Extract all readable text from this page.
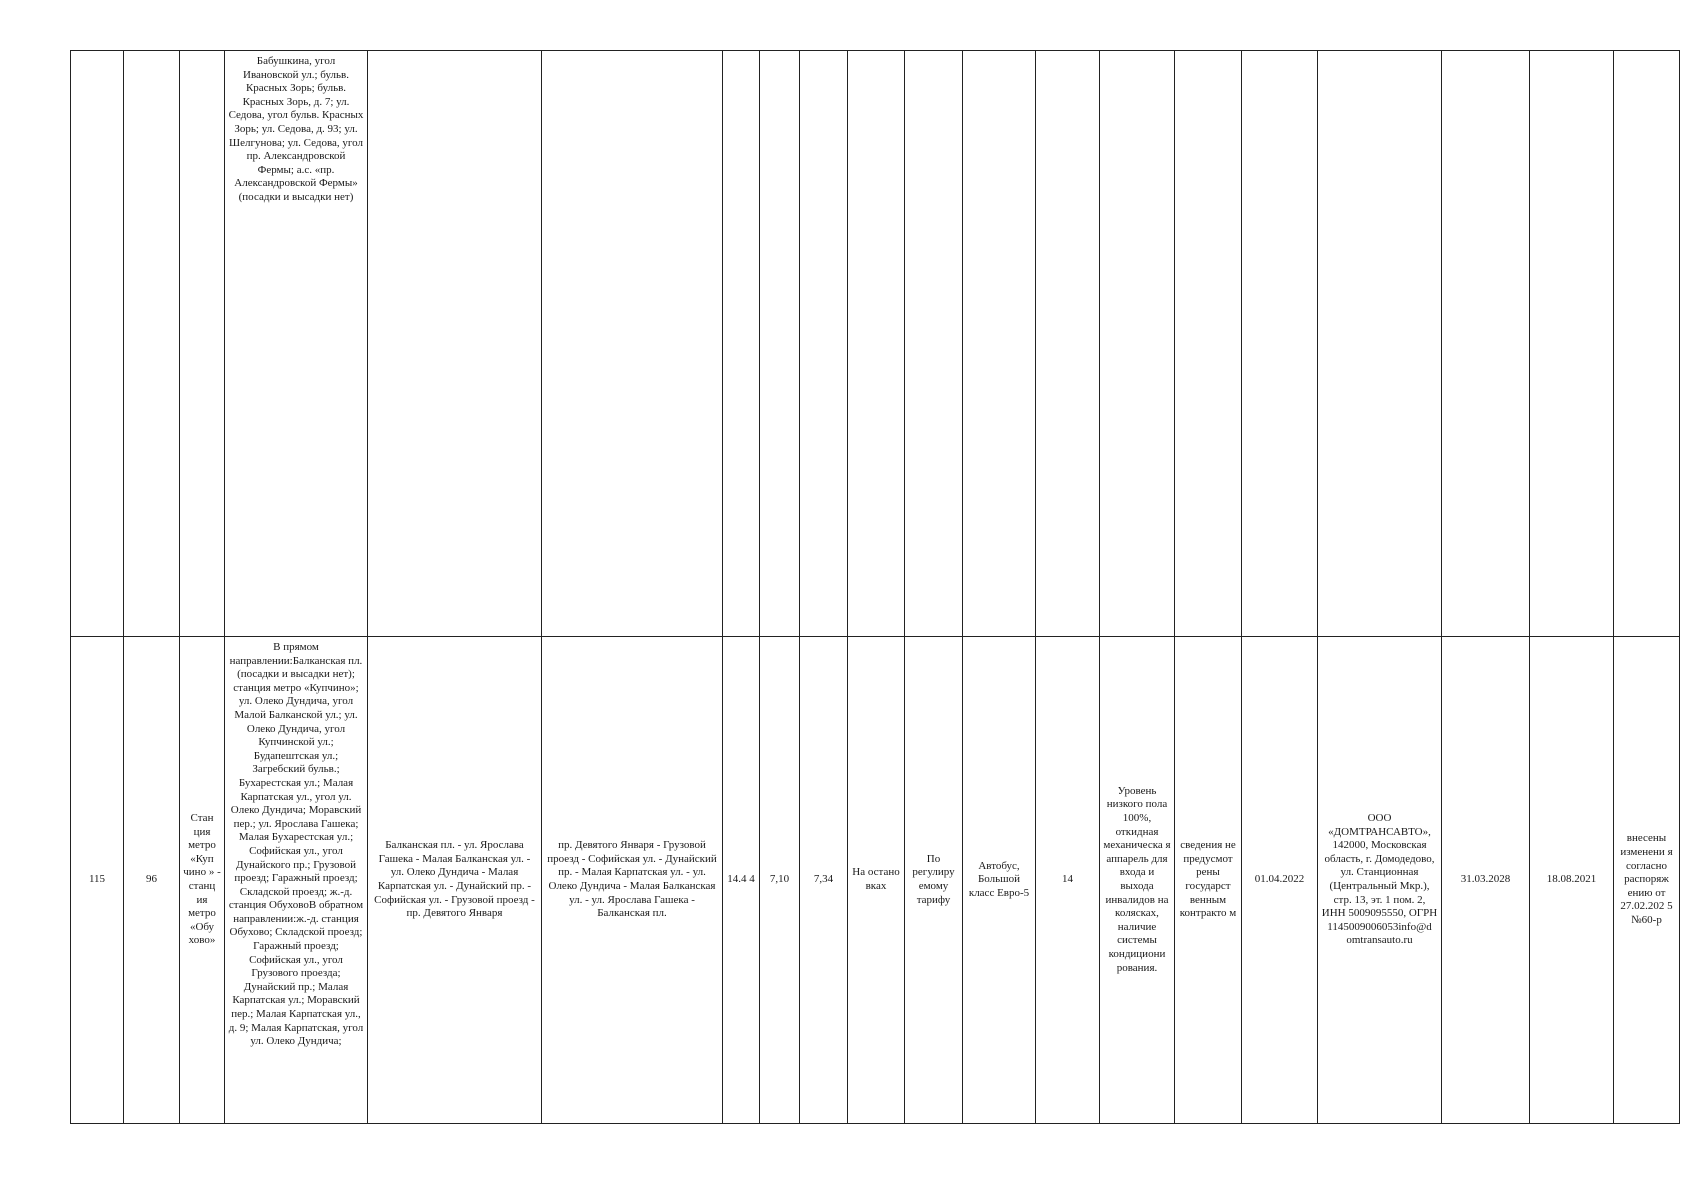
			Бабушкина, угол Ивановской ул.; бульв. Красных Зорь; бульв. Красных Зорь, д. 7; ул. Седова, угол бульв. Красных Зорь; ул. Седова, д. 93; ул. Шелгунова; ул. Седова, угол пр. Александровской Фермы; а.с. «пр. Александровской Фермы» (посадки и высадки нет)																
115	96	Стан ция метро «Куп чино » - станц ия метро «Обу хово»	В прямом направлении:Балканская пл. (посадки и высадки нет); станция метро «Купчино»; ул. Олеко Дундича, угол Малой Балканской ул.; ул. Олеко Дундича, угол Купчинской ул.; Будапештская ул.; Загребский бульв.; Бухарестская ул.; Малая Карпатская ул., угол ул. Олеко Дундича; Моравский пер.; ул. Ярослава Гашека; Малая Бухарестская ул.; Софийская ул., угол Дунайского пр.; Грузовой проезд; Гаражный проезд; Складской проезд; ж.-д. станция ОбуховоВ обратном направлении:ж.-д. станция Обухово; Складской проезд; Гаражный проезд; Софийская ул., угол Грузового проезда; Дунайский пр.; Малая Карпатская ул.; Моравский пер.; Малая Карпатская ул., д. 9; Малая Карпатская, угол ул. Олеко Дундича;	Балканская пл. - ул. Ярослава Гашека - Малая Балканская ул. - ул. Олеко Дундича - Малая Карпатская ул. - Дунайский пр. - Софийская ул. - Грузовой проезд - пр. Девятого Января	пр. Девятого Января - Грузовой проезд - Софийская ул. - Дунайский пр. - Малая Карпатская ул. - ул. Олеко Дундича - Малая Балканская ул. - ул. Ярослава Гашека - Балканская пл.	14.4 4	7,10	7,34	На остано вках	По регулиру емому тарифу	Автобус, Большой класс Евро-5	14	Уровень низкого пола 100%, откидная механическа я аппарель для входа и выхода инвалидов на колясках, наличие системы кондициони рования.	сведения не предусмот рены государст венным контракто м	01.04.2022	ООО «ДОМТРАНСАВТО», 142000, Московская область, г. Домодедово, ул. Станционная (Центральный Мкр.), стр. 13, эт. 1 пом. 2, ИНН 5009095550, ОГРН 1145009006053info@d omtransauto.ru	31.03.2028	18.08.2021	внесены изменени я согласно распоряж ению от 27.02.202 5 №60-р
